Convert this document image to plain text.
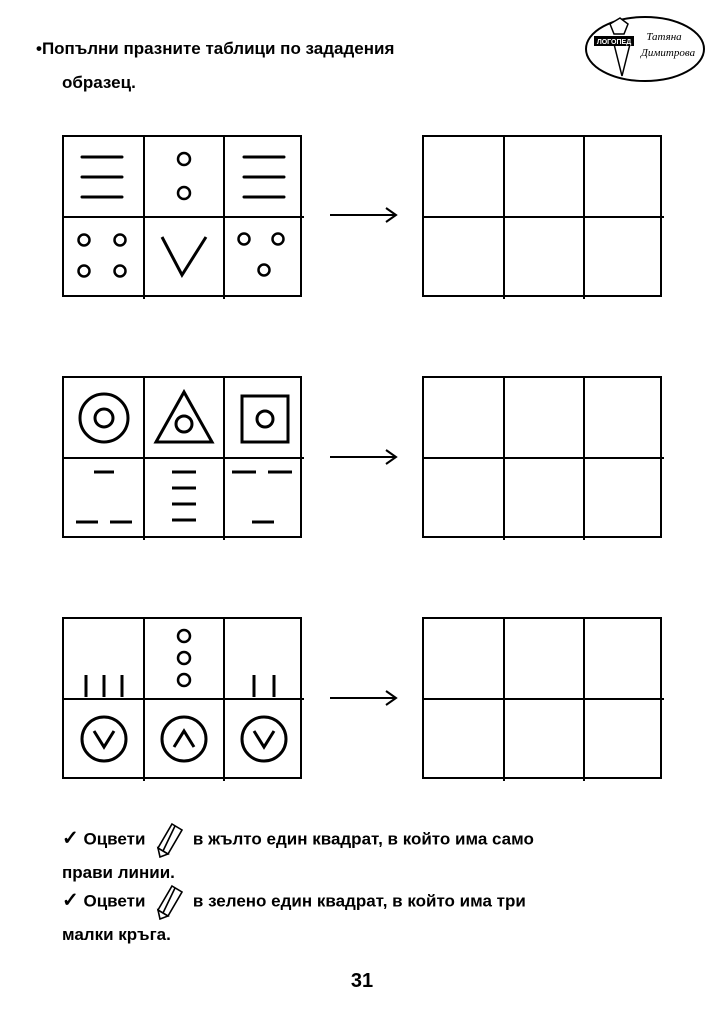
•Попълни празните таблици по зададения
образец.
ЛОГОПЕД Татяна
Димитрова
✓ Оцвети	в жълто един квадрат, в който има само
прави линии.
✓ Оцвети	в зелено един квадрат, в който има три
малки кръга.
31
